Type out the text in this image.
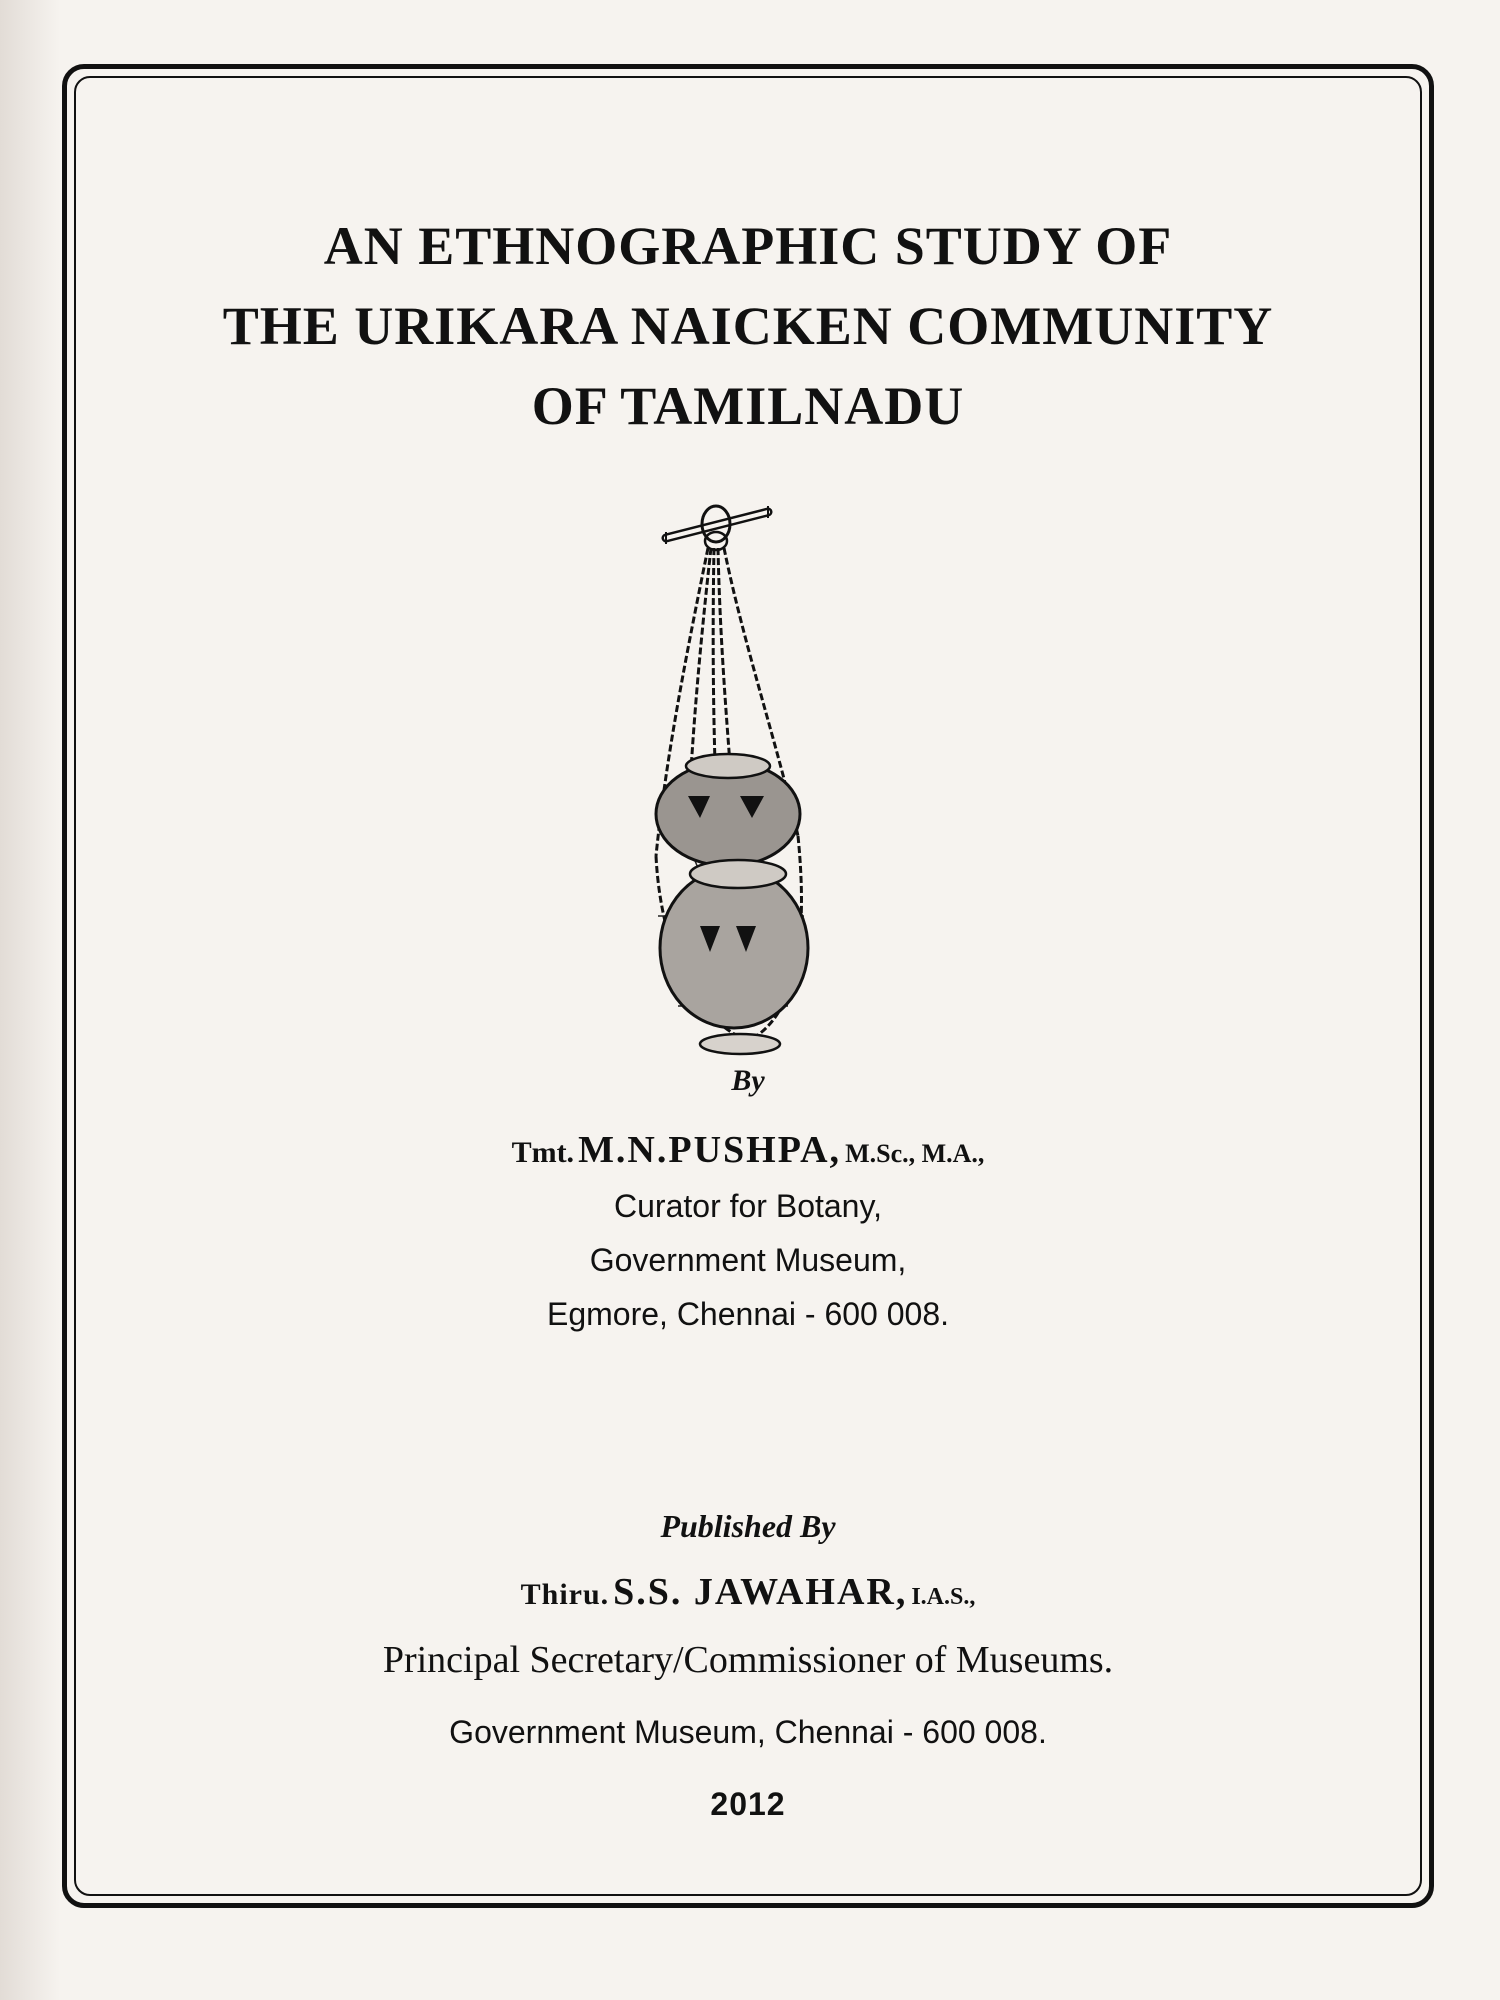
AN ETHNOGRAPHIC STUDY OF
THE URIKARA NAICKEN COMMUNITY
OF TAMILNADU
By
Tmt. M.N.PUSHPA, M.Sc., M.A.,
Curator for Botany,
Government Museum,
Egmore, Chennai - 600 008.
Published By
Thiru. S.S. JAWAHAR, I.A.S.,
Principal Secretary/Commissioner of Museums.
Government Museum, Chennai - 600 008.
2012
